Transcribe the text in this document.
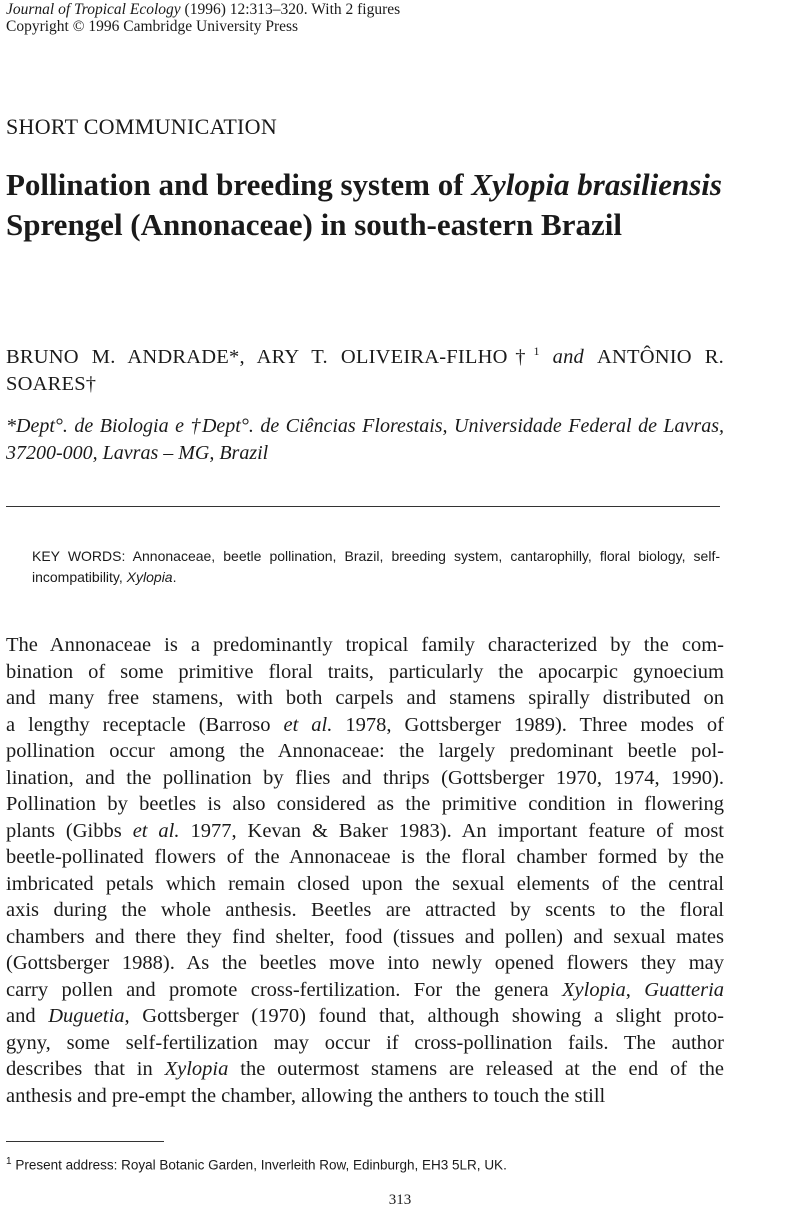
Journal of Tropical Ecology (1996) 12:313–320. With 2 figures
Copyright © 1996 Cambridge University Press
SHORT COMMUNICATION
Pollination and breeding system of Xylopia brasiliensis Sprengel (Annonaceae) in south-eastern Brazil
BRUNO M. ANDRADE*, ARY T. OLIVEIRA-FILHO†$^1$ and ANTÔNIO R. SOARES†
*Dept°. de Biologia e †Dept°. de Ciências Florestais, Universidade Federal de Lavras, 37200-000, Lavras – MG, Brazil
KEY WORDS: Annonaceae, beetle pollination, Brazil, breeding system, cantarophilly, floral biology, self-incompatibility, Xylopia.
The Annonaceae is a predominantly tropical family characterized by the com-
bination of some primitive floral traits, particularly the apocarpic gynoecium
and many free stamens, with both carpels and stamens spirally distributed on
a lengthy receptacle (Barroso et al. 1978, Gottsberger 1989). Three modes of
pollination occur among the Annonaceae: the largely predominant beetle pol-
lination, and the pollination by flies and thrips (Gottsberger 1970, 1974, 1990).
Pollination by beetles is also considered as the primitive condition in flowering
plants (Gibbs et al. 1977, Kevan & Baker 1983). An important feature of most
beetle-pollinated flowers of the Annonaceae is the floral chamber formed by the
imbricated petals which remain closed upon the sexual elements of the central
axis during the whole anthesis. Beetles are attracted by scents to the floral
chambers and there they find shelter, food (tissues and pollen) and sexual mates
(Gottsberger 1988). As the beetles move into newly opened flowers they may
carry pollen and promote cross-fertilization. For the genera Xylopia, Guatteria
and Duguetia, Gottsberger (1970) found that, although showing a slight proto-
gyny, some self-fertilization may occur if cross-pollination fails. The author
describes that in Xylopia the outermost stamens are released at the end of the
anthesis and pre-empt the chamber, allowing the anthers to touch the still
$^1$ Present address: Royal Botanic Garden, Inverleith Row, Edinburgh, EH3 5LR, UK.
313
